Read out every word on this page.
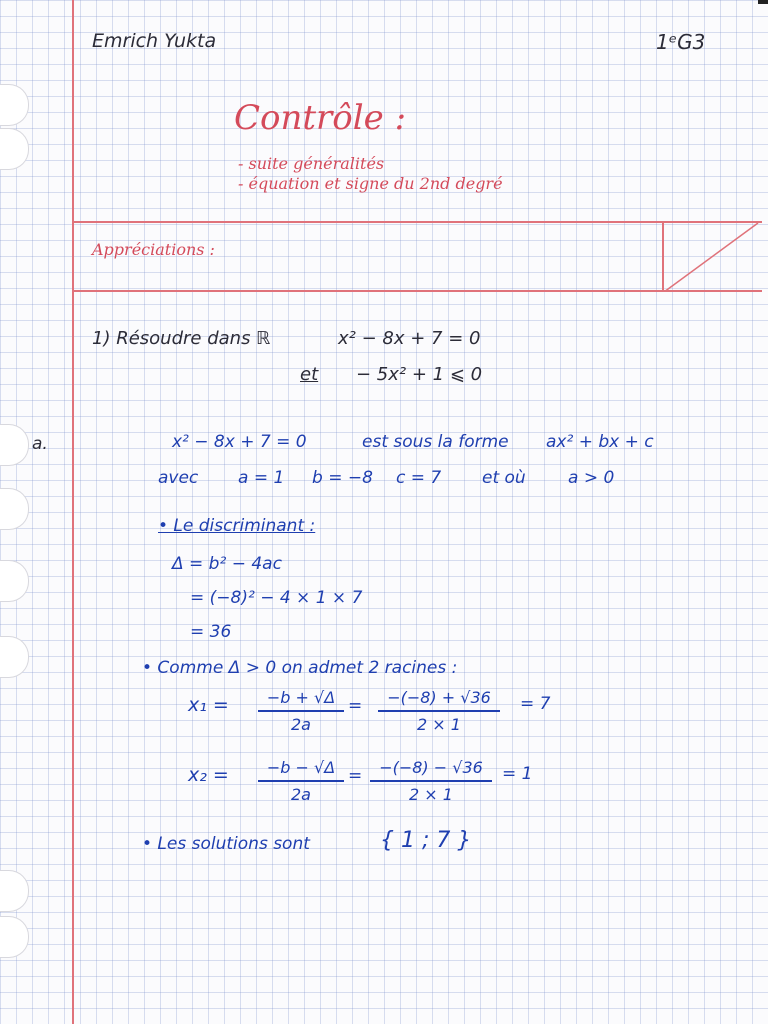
Emrich Yukta	1ᵉG3
Contrôle :
- suite généralités
- équation et signe du 2nd degré
Appréciations :
1) Résoudre dans ℝ	x² − 8x + 7 = 0
et − 5x² + 1 ⩽ 0
a.	x² − 8x + 7 = 0	est sous la forme ax² + bx + c
avec a = 1 b = −8 c = 7 et où a > 0
• Le discriminant :
Δ = b² − 4ac
= (−8)² − 4 × 1 × 7
= 36
• Comme Δ > 0 on admet 2 racines :
$x_1 = \frac{-b + √\Delta}{2a} = \frac{-(-8) + √36}{2 \times 1} = 7$
$x_2 = \frac{-b - √\Delta}{2a} = \frac{-(-8) - √36}{2 \times 1} = 1$
• Les solutions sont	{ 1 ; 7 }
